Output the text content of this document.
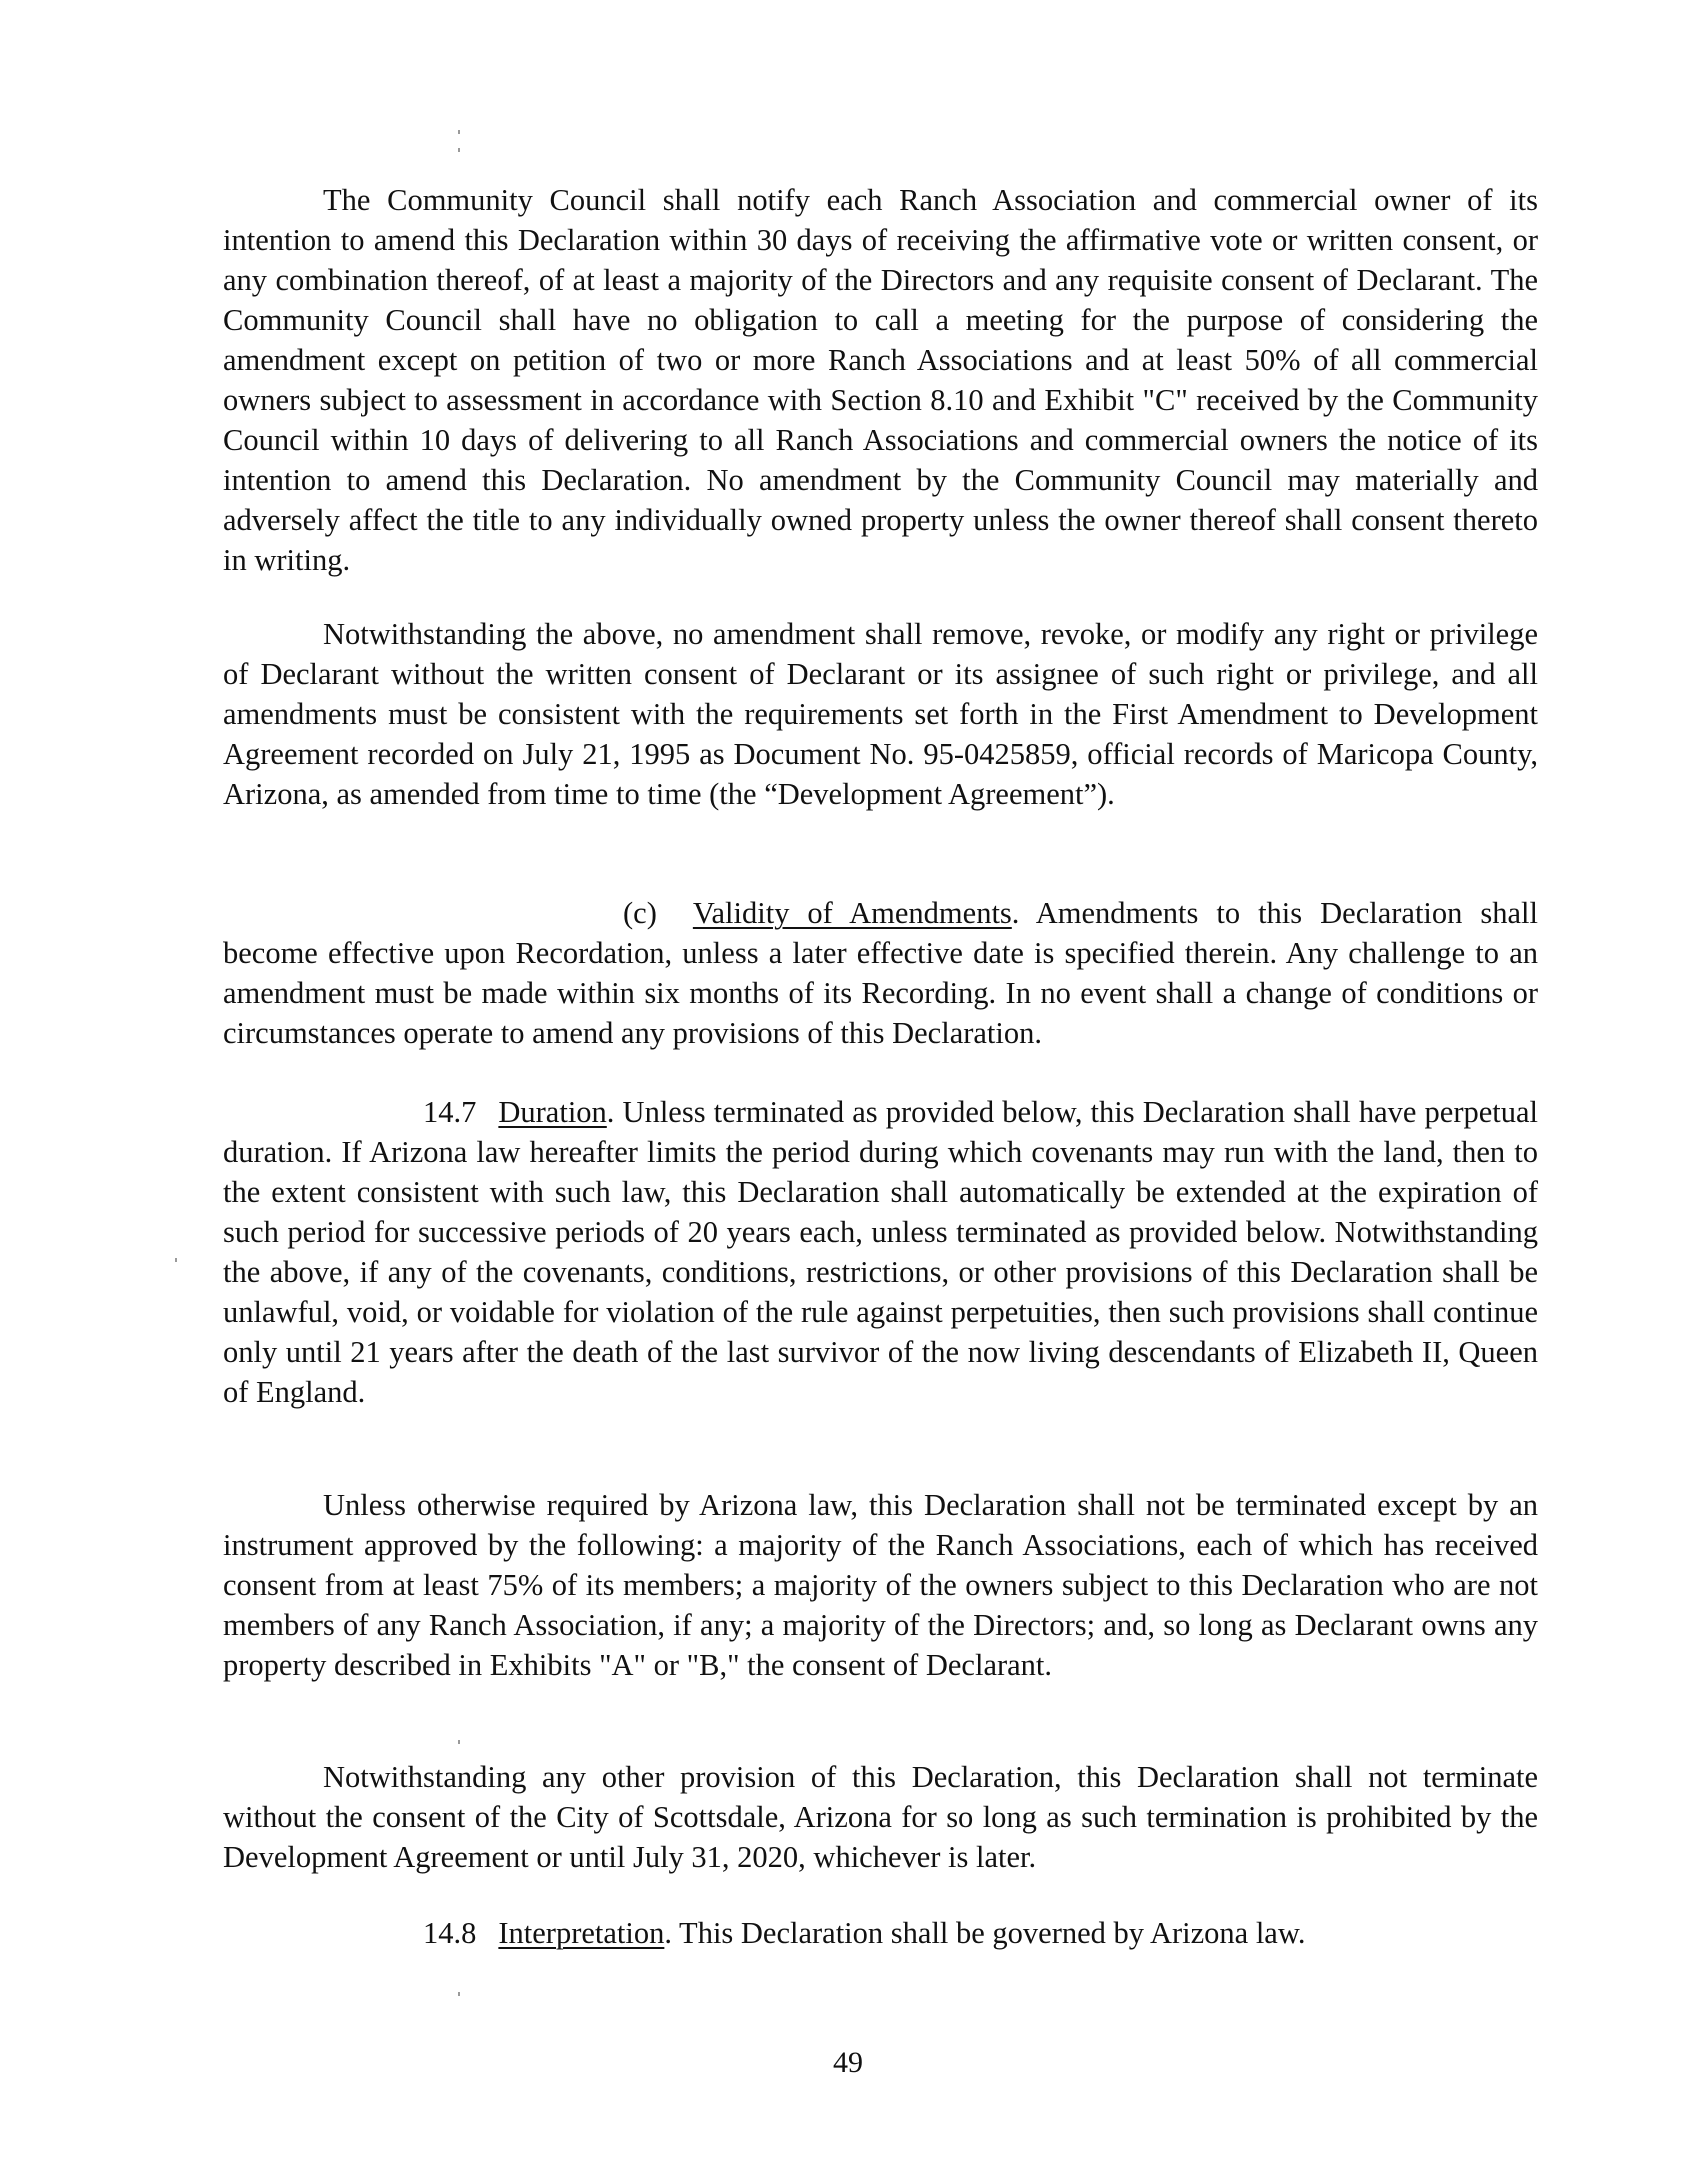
The Community Council shall notify each Ranch Association and commercial owner of its intention to amend this Declaration within 30 days of receiving the affirmative vote or written consent, or any combination thereof, of at least a majority of the Directors and any requisite consent of Declarant. The Community Council shall have no obligation to call a meeting for the purpose of considering the amendment except on petition of two or more Ranch Associations and at least 50% of all commercial owners subject to assessment in accordance with Section 8.10 and Exhibit "C" received by the Community Council within 10 days of delivering to all Ranch Associations and commercial owners the notice of its intention to amend this Declaration. No amendment by the Community Council may materially and adversely affect the title to any individually owned property unless the owner thereof shall consent thereto in writing.

Notwithstanding the above, no amendment shall remove, revoke, or modify any right or privilege of Declarant without the written consent of Declarant or its assignee of such right or privilege, and all amendments must be consistent with the requirements set forth in the First Amendment to Development Agreement recorded on July 21, 1995 as Document No. 95-0425859, official records of Maricopa County, Arizona, as amended from time to time (the “Development Agreement”).

(c) Validity of Amendments. Amendments to this Declaration shall become effective upon Recordation, unless a later effective date is specified therein. Any challenge to an amendment must be made within six months of its Recording. In no event shall a change of conditions or circumstances operate to amend any provisions of this Declaration.

14.7 Duration. Unless terminated as provided below, this Declaration shall have perpetual duration. If Arizona law hereafter limits the period during which covenants may run with the land, then to the extent consistent with such law, this Declaration shall automatically be extended at the expiration of such period for successive periods of 20 years each, unless terminated as provided below. Notwithstanding the above, if any of the covenants, conditions, restrictions, or other provisions of this Declaration shall be unlawful, void, or voidable for violation of the rule against perpetuities, then such provisions shall continue only until 21 years after the death of the last survivor of the now living descendants of Elizabeth II, Queen of England.

Unless otherwise required by Arizona law, this Declaration shall not be terminated except by an instrument approved by the following: a majority of the Ranch Associations, each of which has received consent from at least 75% of its members; a majority of the owners subject to this Declaration who are not members of any Ranch Association, if any; a majority of the Directors; and, so long as Declarant owns any property described in Exhibits "A" or "B," the consent of Declarant.

Notwithstanding any other provision of this Declaration, this Declaration shall not terminate without the consent of the City of Scottsdale, Arizona for so long as such termination is prohibited by the Development Agreement or until July 31, 2020, whichever is later.

14.8 Interpretation. This Declaration shall be governed by Arizona law.

49
